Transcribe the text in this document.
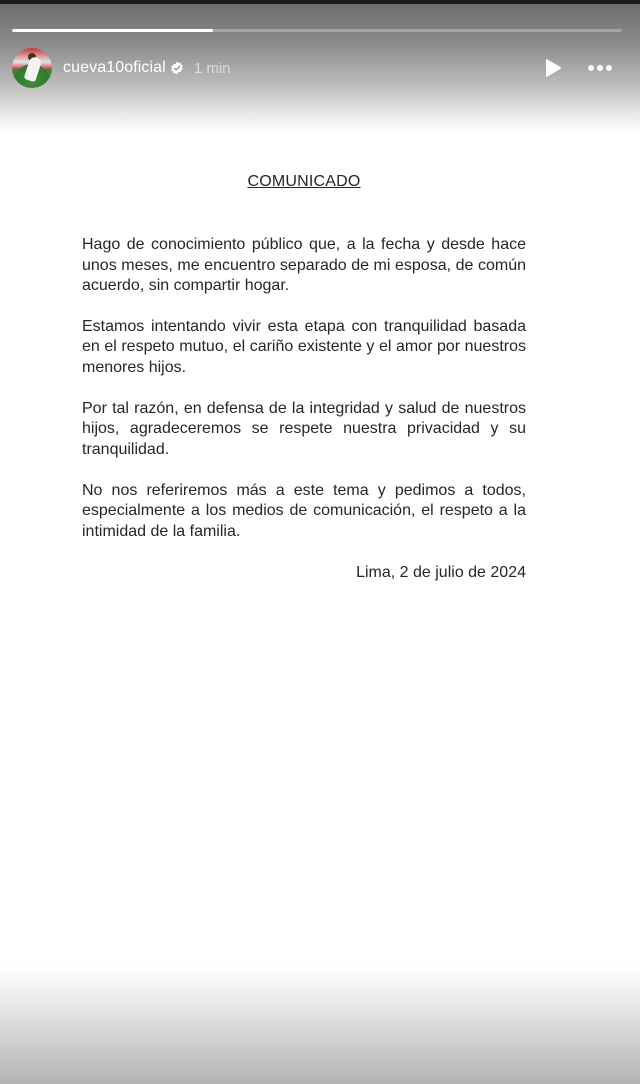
cueva10oficial 1 min
COMUNICADO

Hago de conocimiento público que, a la fecha y desde hace unos meses, me encuentro separado de mi esposa, de común acuerdo, sin compartir hogar.

Estamos intentando vivir esta etapa con tranquilidad basada en el respeto mutuo, el cariño existente y el amor por nuestros menores hijos.

Por tal razón, en defensa de la integridad y salud de nuestros hijos, agradeceremos se respete nuestra privacidad y su tranquilidad.

No nos referiremos más a este tema y pedimos a todos, especialmente a los medios de comunicación, el respeto a la intimidad de la familia.

Lima, 2 de julio de 2024
